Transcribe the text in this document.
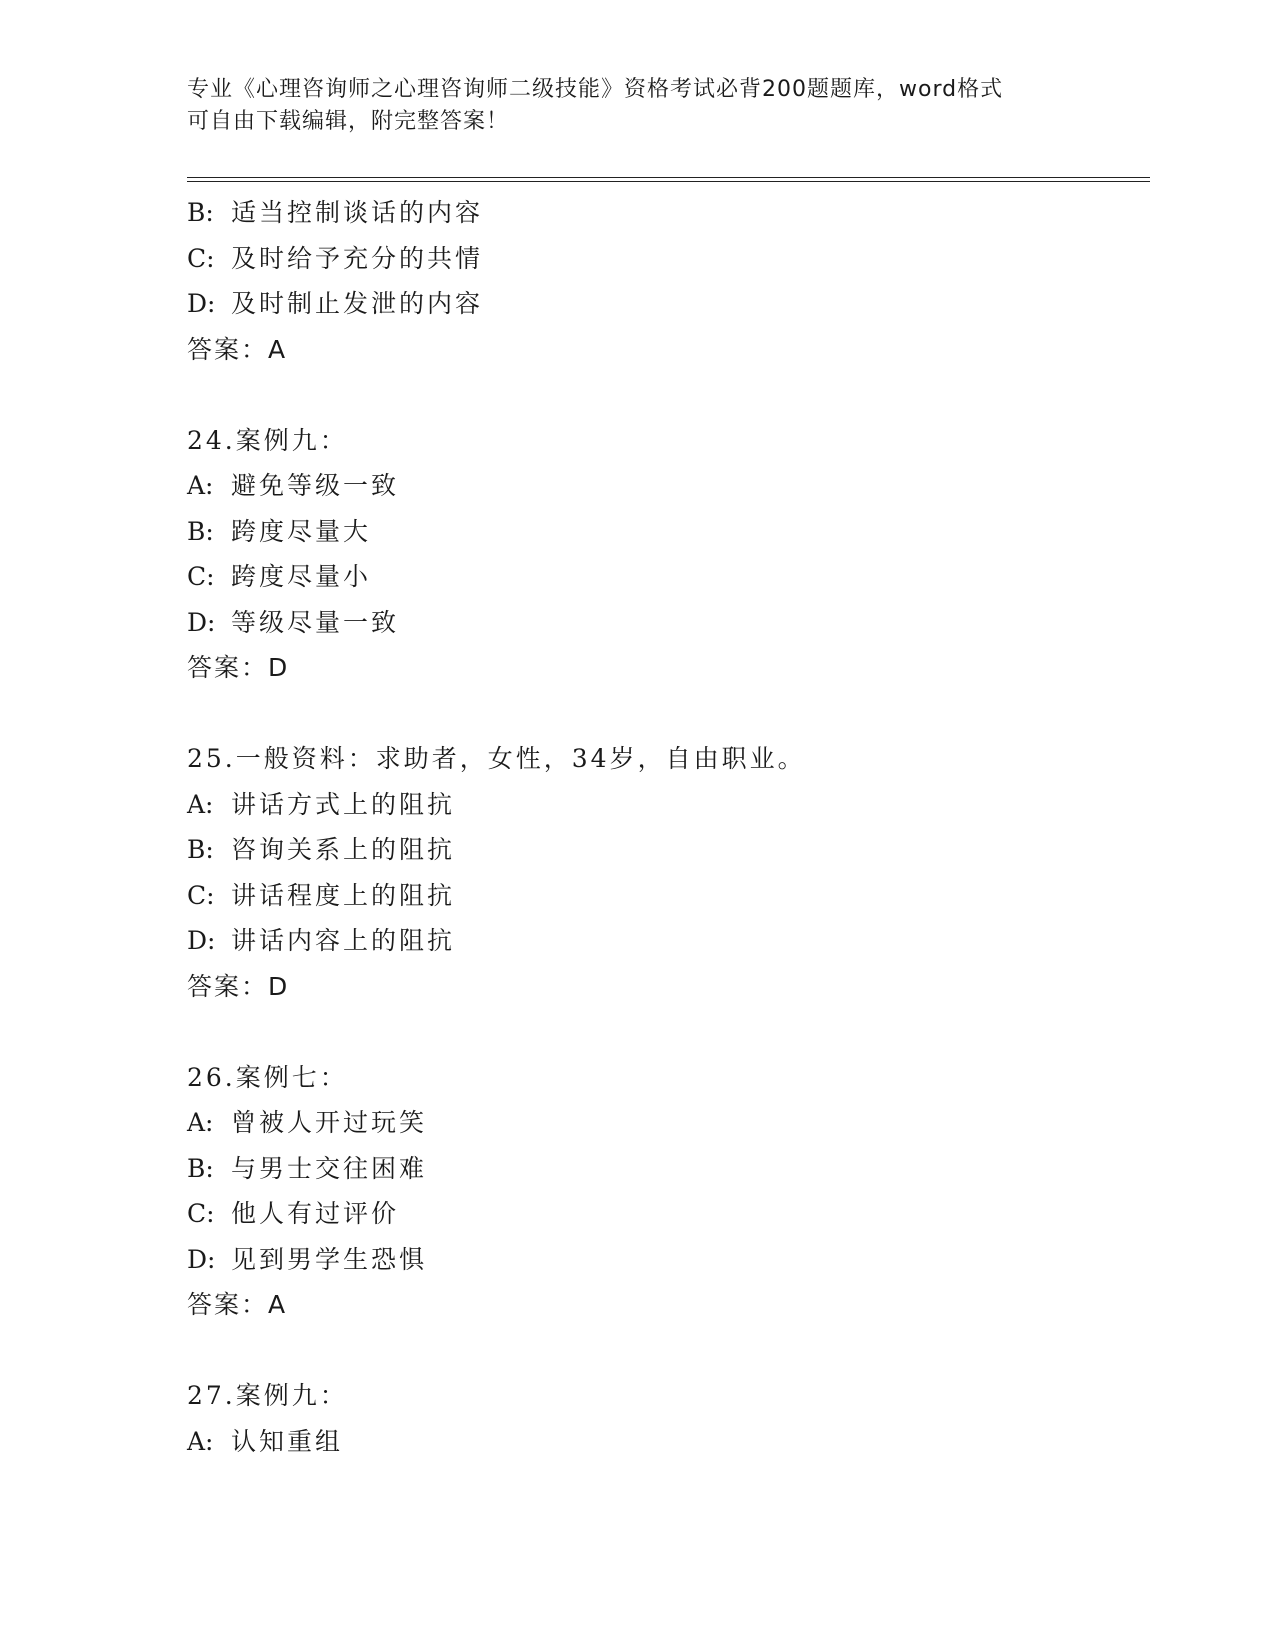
专业《心理咨询师之心理咨询师二级技能》资格考试必背200题题库，word格式
可自由下载编辑，附完整答案！
B: 适当控制谈话的内容
C: 及时给予充分的共情
D: 及时制止发泄的内容
答案：A
24.案例九：
A: 避免等级一致
B: 跨度尽量大
C: 跨度尽量小
D: 等级尽量一致
答案：D
25.一般资料：求助者，女性，34岁，自由职业。
A: 讲话方式上的阻抗
B: 咨询关系上的阻抗
C: 讲话程度上的阻抗
D: 讲话内容上的阻抗
答案：D
26.案例七：
A: 曾被人开过玩笑
B: 与男士交往困难
C: 他人有过评价
D: 见到男学生恐惧
答案：A
27.案例九：
A: 认知重组
